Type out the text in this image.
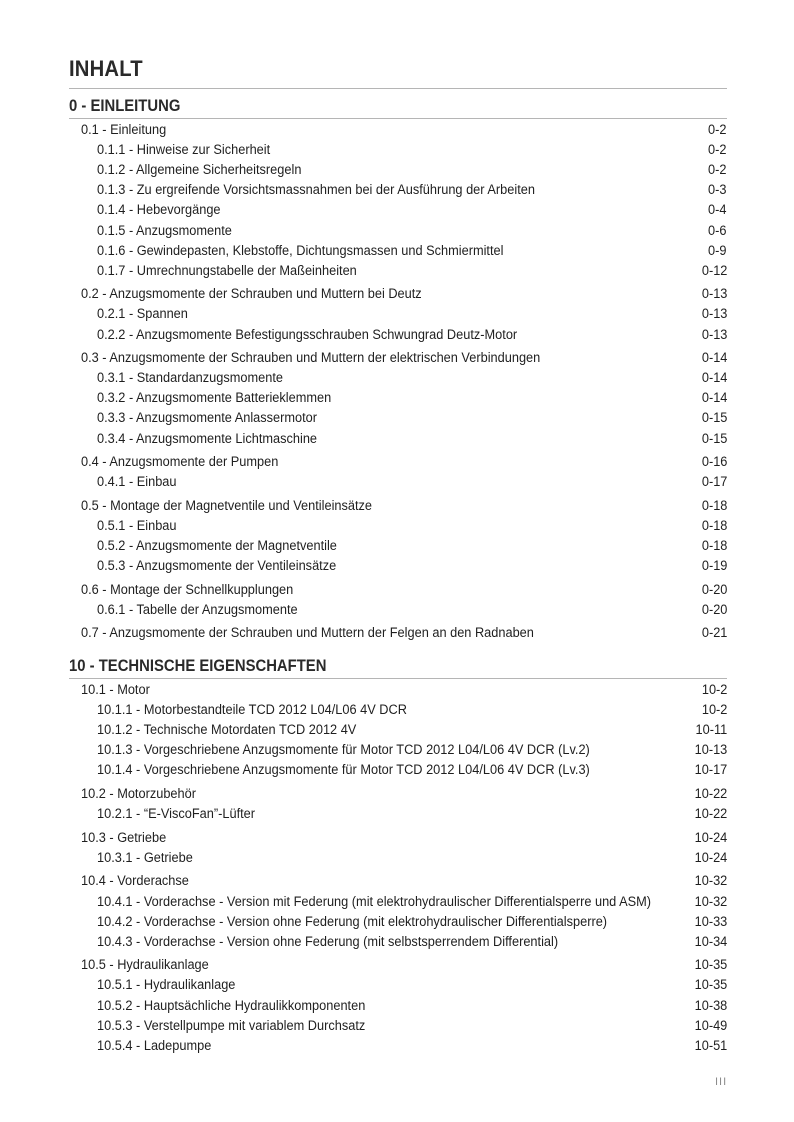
INHALT
0 - EINLEITUNG
0.1 - Einleitung	0-2
0.1.1 - Hinweise zur Sicherheit	0-2
0.1.2 - Allgemeine Sicherheitsregeln	0-2
0.1.3 - Zu ergreifende Vorsichtsmassnahmen bei der Ausführung der Arbeiten	0-3
0.1.4 - Hebevorgänge	0-4
0.1.5 - Anzugsmomente	0-6
0.1.6 - Gewindepasten, Klebstoffe, Dichtungsmassen und Schmiermittel	0-9
0.1.7 - Umrechnungstabelle der Maßeinheiten	0-12
0.2 - Anzugsmomente der Schrauben und Muttern bei Deutz	0-13
0.2.1 - Spannen	0-13
0.2.2 - Anzugsmomente Befestigungsschrauben Schwungrad Deutz-Motor	0-13
0.3 - Anzugsmomente der Schrauben und Muttern der elektrischen Verbindungen	0-14
0.3.1 - Standardanzugsmomente	0-14
0.3.2 - Anzugsmomente Batterieklemmen	0-14
0.3.3 - Anzugsmomente Anlassermotor	0-15
0.3.4 - Anzugsmomente Lichtmaschine	0-15
0.4 - Anzugsmomente der Pumpen	0-16
0.4.1 - Einbau	0-17
0.5 - Montage der Magnetventile und Ventileinsätze	0-18
0.5.1 - Einbau	0-18
0.5.2 - Anzugsmomente der Magnetventile	0-18
0.5.3 - Anzugsmomente der Ventileinsätze	0-19
0.6 - Montage der Schnellkupplungen	0-20
0.6.1 - Tabelle der Anzugsmomente	0-20
0.7 - Anzugsmomente der Schrauben und Muttern der Felgen an den Radnaben	0-21
10 - TECHNISCHE EIGENSCHAFTEN
10.1 - Motor	10-2
10.1.1 - Motorbestandteile TCD 2012 L04/L06 4V DCR	10-2
10.1.2 - Technische Motordaten TCD 2012 4V	10-11
10.1.3 - Vorgeschriebene Anzugsmomente für Motor TCD 2012 L04/L06 4V DCR (Lv.2)	10-13
10.1.4 - Vorgeschriebene Anzugsmomente für Motor TCD 2012 L04/L06 4V DCR (Lv.3)	10-17
10.2 - Motorzubehör	10-22
10.2.1 - “E-ViscoFan”-Lüfter	10-22
10.3 - Getriebe	10-24
10.3.1 - Getriebe	10-24
10.4 - Vorderachse	10-32
10.4.1 - Vorderachse - Version mit Federung (mit elektrohydraulischer Differentialsperre und ASM)	10-32
10.4.2 - Vorderachse - Version ohne Federung (mit elektrohydraulischer Differentialsperre)	10-33
10.4.3 - Vorderachse - Version ohne Federung (mit selbstsperrendem Differential)	10-34
10.5 - Hydraulikanlage	10-35
10.5.1 - Hydraulikanlage	10-35
10.5.2 - Hauptsächliche Hydraulikkomponenten	10-38
10.5.3 - Verstellpumpe mit variablem Durchsatz	10-49
10.5.4 - Ladepumpe	10-51
III
